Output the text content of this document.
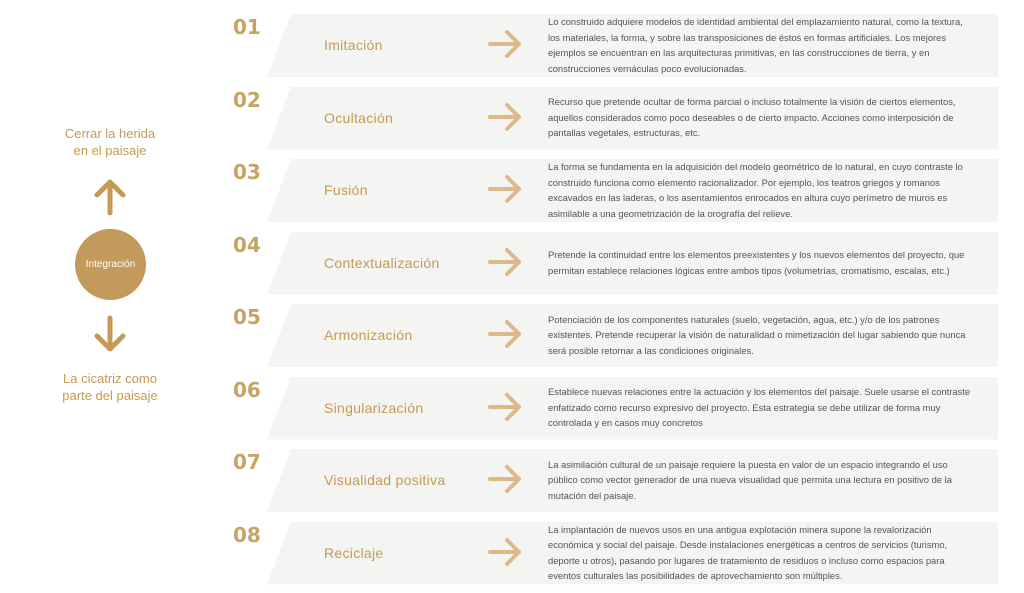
Cerrar la herida
en el paisaje
Integración
La cicatriz como
parte del paisaje
01
Imitación
Lo construido adquiere modelos de identidad ambiental del emplazamiento natural, como la textura, los materiales, la forma, y sobre las transposiciones de éstos en formas artificiales. Los mejores ejemplos se encuentran en las arquitecturas primitivas, en las construcciones de tierra, y en construcciones vernáculas poco evolucionadas.
02
Ocultación
Recurso que pretende ocultar de forma parcial o incluso totalmente la visión de ciertos elementos, aquellos considerados como poco deseables o de cierto impacto. Acciones como interposición de pantallas vegetales, estructuras, etc.
03
Fusión
La forma se fundamenta en la adquisición del modelo geométrico de lo natural, en cuyo contraste lo construido funciona como elemento racionalizador. Por ejemplo, los teatros griegos y romanos excavados en las laderas, o los asentamientos enrocados en altura cuyo perímetro de muros es asimilable a una geometrización de la orografía del relieve.
04
Contextualización	Pretende la continuidad entre los elementos preexistentes y los nuevos elementos del proyecto, que permitan establece relaciones lógicas entre ambos tipos (volumetrías, cromatismo, escalas, etc.)
05
Armonización
Potenciación de los componentes naturales (suelo, vegetación, agua, etc.) y/o de los patrones existentes. Pretende recuperar la visión de naturalidad o mimetización del lugar sabiendo que nunca será posible retornar a las condiciones originales.
06
Singularización
Establece nuevas relaciones entre la actuación y los elementos del paisaje. Suele usarse el contraste enfatizado como recurso expresivo del proyecto. Esta estrategia se debe utilizar de forma muy controlada y en casos muy concretos
07
Visualidad positiva
La asimilación cultural de un paisaje requiere la puesta en valor de un espacio integrando el uso público como vector generador de una nueva visualidad que permita una lectura en positivo de la mutación del paisaje.
08
Reciclaje
La implantación de nuevos usos en una antigua explotación minera supone la revalorización económica y social del paisaje. Desde instalaciones energéticas a centros de servicios (turismo, deporte u otros), pasando por lugares de tratamiento de residuos o incluso como espacios para eventos culturales las posibilidades de aprovechamiento son múltiples.
